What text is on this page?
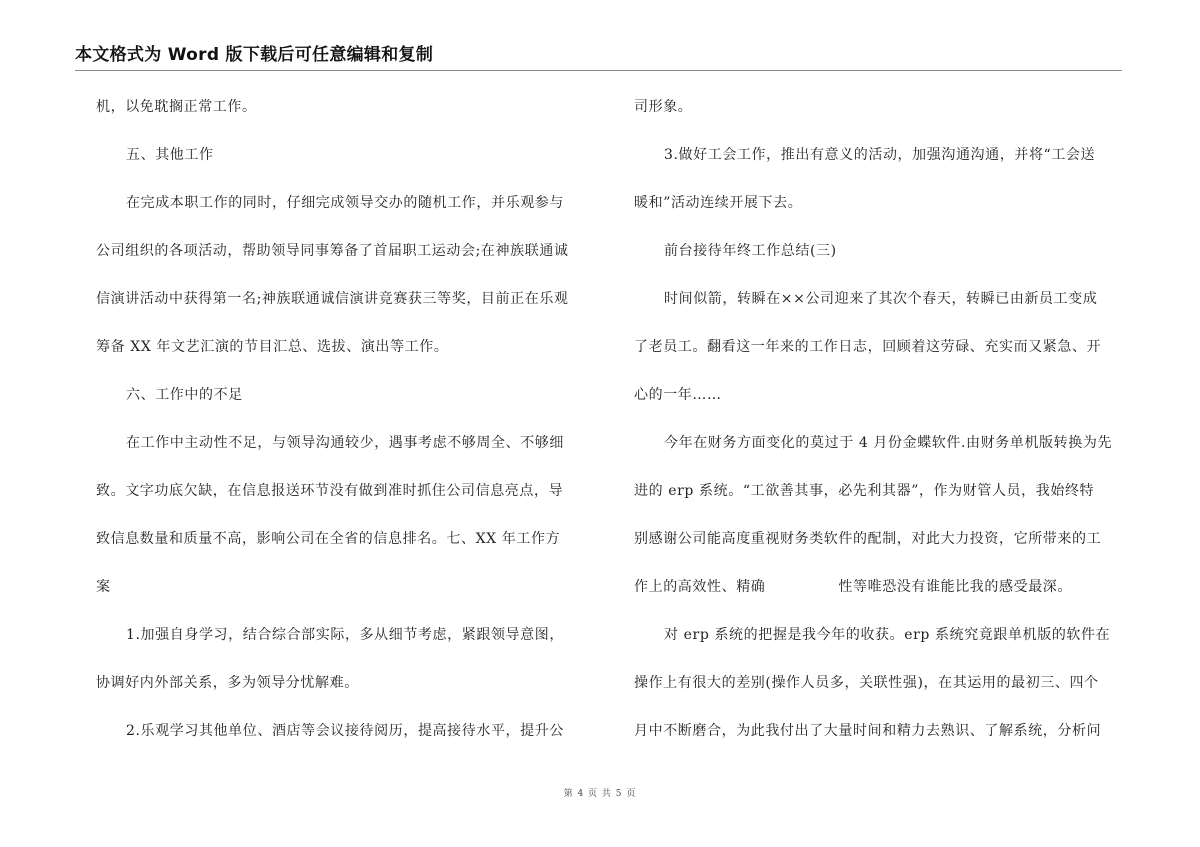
本文格式为 Word 版下载后可任意编辑和复制
机，以免耽搁正常工作。
五、其他工作
在完成本职工作的同时，仔细完成领导交办的随机工作，并乐观参与
公司组织的各项活动，帮助领导同事筹备了首届职工运动会;在神族联通诚
信演讲活动中获得第一名;神族联通诚信演讲竞赛获三等奖，目前正在乐观
筹备 XX 年文艺汇演的节目汇总、选拔、演出等工作。
六、工作中的不足
在工作中主动性不足，与领导沟通较少，遇事考虑不够周全、不够细
致。文字功底欠缺，在信息报送环节没有做到准时抓住公司信息亮点，导
致信息数量和质量不高，影响公司在全省的信息排名。七、XX 年工作方
案
1.加强自身学习，结合综合部实际，多从细节考虑，紧跟领导意图，
协调好内外部关系，多为领导分忧解难。
2.乐观学习其他单位、酒店等会议接待阅历，提高接待水平，提升公
司形象。
3.做好工会工作，推出有意义的活动，加强沟通沟通，并将“工会送
暖和”活动连续开展下去。
前台接待年终工作总结(三)
时间似箭，转瞬在××公司迎来了其次个春天，转瞬已由新员工变成
了老员工。翻看这一年来的工作日志，回顾着这劳碌、充实而又紧急、开
心的一年……
今年在财务方面变化的莫过于 4 月份金蝶软件.由财务单机版转换为先
进的 erp 系统。“工欲善其事，必先利其器”，作为财管人员，我始终特
别感谢公司能高度重视财务类软件的配制，对此大力投资，它所带来的工
作上的高效性、精确　　　　　性等唯恐没有谁能比我的感受最深。
对 erp 系统的把握是我今年的收获。erp 系统究竟跟单机版的软件在
操作上有很大的差别(操作人员多，关联性强)，在其运用的最初三、四个
月中不断磨合，为此我付出了大量时间和精力去熟识、了解系统，分析问
第 4 页 共 5 页
